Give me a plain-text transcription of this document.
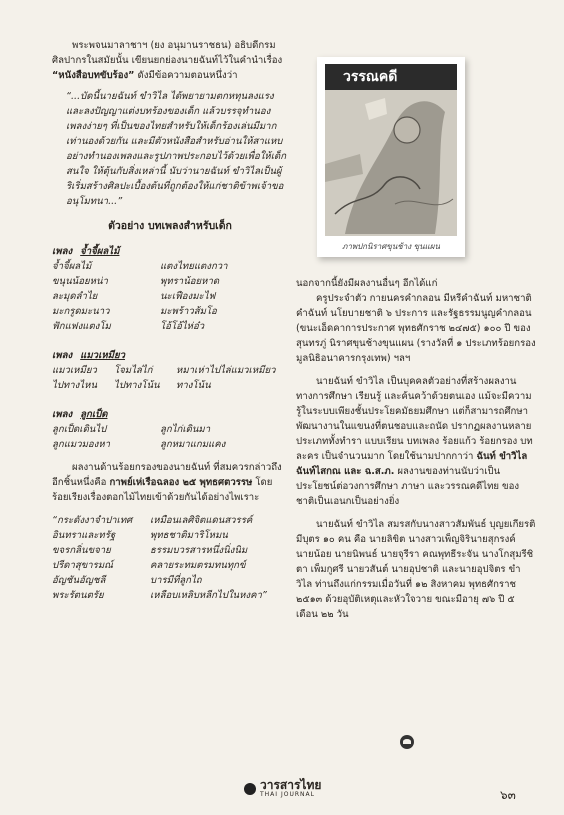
พระพจนมาลาชาฯ (ยง อนุมานราชธน) อธิบดีกรมศิลปากรในสมัยนั้น เขียนยกย่องนายฉันท์ไว้ในคำนำเรื่อง “หนังสือบทขับร้อง” ดังมีข้อความตอนหนึ่งว่า

“...บัดนี้นายฉันท์ ขำวิไล ได้พยายามตกหทุนลงแรง และลงปัญญาแต่งบทร้องของเด็ก แล้วบรรจุทำนองเพลงง่ายๆ ที่เป็นของไทยสำหรับให้เด็กร้องเล่นมีมากเท่านองด้วยกัน และมีตัวหนังสือสำหรับอ่านให้สาแหบอย่างทำนองเพลงและรูปภาพประกอบไว้ด้วยเพื่อให้เด็กสนใจ ให้ตุ้นกับสิ่งเหล่านี้ นับว่านายฉันท์ ขำวิไลเป็นผู้ริเริ่มสร้างศิลปะเบื้องต้นที่ถูกต้องให้แก่ชาติข้าพเจ้าขออนุโมทนา...”

ตัวอย่าง บทเพลงสำหรับเด็ก
เพลง จ้ำจี้ผลไม้
จ้ำจี้ผลไม้	แตงไทยแตงกวา
ขนุนน้อยหน่า	พุทราน้อยหาด
ละมุดลำไย	นะเฟืองมะไฟ
มะกรูดมะนาว	มะพร้าวส้มโอ
ฟักแฟงแตงโม	โอ้โอ้ไห่อ๋ว
เพลง แมวเหมียว
แมวเหมียว	โจมไล่ไก่	หมาเห่าไปไล่แมวเหมียว
ไปทางไหน	ไปทางโน้น	ทางโน้น
เพลง ลูกเป็ด
ลูกเป็ดเดินไป	ลูกไก่เดินมา
ลูกแมวมองหา	ลูกหมาแกมแคง

ผลงานด้านร้อยกรองของนายฉันท์ ที่สมควรกล่าวถึงอีกชิ้นหนึ่งคือ กาพย์เห่เรือฉลอง ๒๕ พุทธศตวรรษ โดยร้อยเรียงเรื่องตอกไม้ไทยเข้าด้วยกันได้อย่างไพเราะ

“กระดังงาจำปาเทศ	เหมือนเลศิจิตแดนสวรรค์
อินทราและทรัฐ	พุทธชาติมาริโหมน
ขจรกลิ่นขจาย	ธรรมบวรสารหนึ่งนิ่งนิม
ปรีดาสุขารมณ์	คลายระทมตรมทนทุกข์
อัญชันอัญชลี	บารมีที่ลูกไถ
พระรัตนตรัย	เหลือบเหลิบหลีกไปในหงคา”
วรรณคดี
ภาพปกนิราศขุนช้าง ขุนแผน

นอกจากนี้ยังมีผลงานอื่นๆ อีกได้แก่

ครูประจำตัว กายนครคำกลอน มีหรีคำฉันท์ มหาชาติคำฉันท์ นโยบายชาติ ๖ ประการ และรัฐธรรมนูญคำกลอน (ขนะเอ็ดคาการประกาศ พุทธศักราช ๒๔๗๕) ๑๐๐ ปี ของสุนทรภู่ นิราศขุนช้างขุนแผน (รางวัลที่ ๑ ประเภทร้อยกรอง มูลนิธิอนาคารกรุงเทพ) ฯลฯ

นายฉันท์ ขำวิไล เป็นบุคคลตัวอย่างที่สร้างผลงานทางการศึกษา เรียนรู้ และค้นคว้าด้วยตนเอง แม้จะมีความรู้ในระบบเพียงชั้นประโยคมัธยมศึกษา แต่ก็สามารถศึกษาพัฒนางานในแขนงที่ตนชอบและถนัด ปรากฏผลงานหลายประเภททั้งทำรา แบบเรียน บทเพลง ร้อยแก้ว ร้อยกรอง บทละคร เป็นจำนวนมาก โดยใช้นามปากกาว่า ฉันท์ ขำวิไล ฉันท์ไสกณ และ ฉ.ส.ภ. ผลงานของท่านนับว่าเป็นประโยชน์ต่อวงการศึกษา ภาษา และวรรณคดีไทย ของชาติเป็นเอนกเป็นอย่างยิ่ง

นายฉันท์ ขำวิไล สมรสกับนางสาวสัมพันธ์ บุญยเกียรติ มีบุตร ๑๐ คน คือ นายลิขิต นางสาวเพ็ญจิรินายสุกรงค์ นายน้อย นายนิพนธ์ นายจุรีรา คณพุทธีระจัน นางโกสุมรีชิตา เพ็มกูศรี นายวสันต์ นายอุปชาติ และนายอุปจิตร ขำวิไล ท่านถึงแก่กรรมเมื่อวันที่ ๑๒ สิงหาคม พุทธศักราช ๒๕๑๓ ด้วยอุบัติเหตุและหัวใจวาย ขณะมีอายุ ๗๖ ปี ๕ เดือน ๒๒ วัน

วารสารไทย
THAI JOURNAL	๖๓
